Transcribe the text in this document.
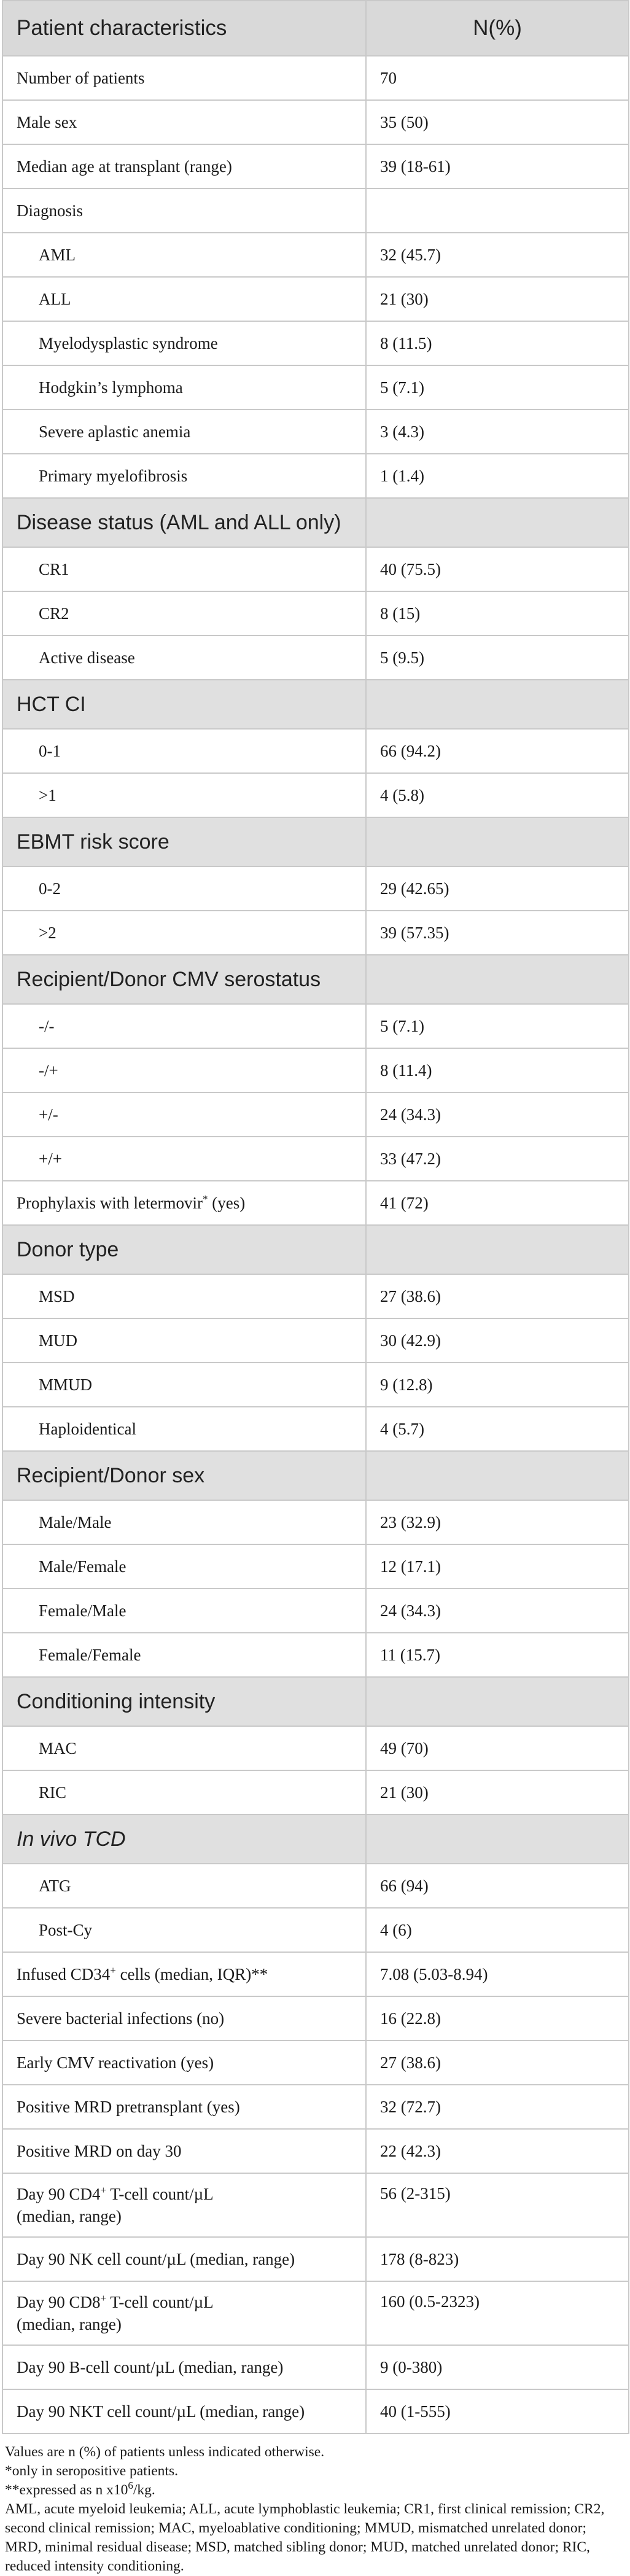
Patient characteristics	N(%)
Number of patients	70
Male sex	35 (50)
Median age at transplant (range)	39 (18-61)
Diagnosis	
AML	32 (45.7)
ALL	21 (30)
Myelodysplastic syndrome	8 (11.5)
Hodgkin’s lymphoma	5 (7.1)
Severe aplastic anemia	3 (4.3)
Primary myelofibrosis	1 (1.4)
Disease status (AML and ALL only)	
CR1	40 (75.5)
CR2	8 (15)
Active disease	5 (9.5)
HCT CI	
0-1	66 (94.2)
>1	4 (5.8)
EBMT risk score	
0-2	29 (42.65)
>2	39 (57.35)
Recipient/Donor CMV serostatus	
-/-	5 (7.1)
-/+	8 (11.4)
+/-	24 (34.3)
+/+	33 (47.2)
Prophylaxis with letermovir* (yes)	41 (72)
Donor type	
MSD	27 (38.6)
MUD	30 (42.9)
MMUD	9 (12.8)
Haploidentical	4 (5.7)
Recipient/Donor sex	
Male/Male	23 (32.9)
Male/Female	12 (17.1)
Female/Male	24 (34.3)
Female/Female	11 (15.7)
Conditioning intensity	
MAC	49 (70)
RIC	21 (30)
In vivo TCD	
ATG	66 (94)
Post-Cy	4 (6)
Infused CD34+ cells (median, IQR)**	7.08 (5.03-8.94)
Severe bacterial infections (no)	16 (22.8)
Early CMV reactivation (yes)	27 (38.6)
Positive MRD pretransplant (yes)	32 (72.7)
Positive MRD on day 30	22 (42.3)
Day 90 CD4+ T-cell count/µL
(median, range)	56 (2-315)
Day 90 NK cell count/µL (median, range)	178 (8-823)
Day 90 CD8+ T-cell count/µL
(median, range)	160 (0.5-2323)
Day 90 B-cell count/µL (median, range)	9 (0-380)
Day 90 NKT cell count/µL (median, range)	40 (1-555)

Values are n (%) of patients unless indicated otherwise.

*only in seropositive patients.

**expressed as n $x10^6/kg$.

AML, acute myeloid leukemia; ALL, acute lymphoblastic leukemia; CR1, first clinical remission; CR2, second clinical remission; MAC, myeloablative conditioning; MMUD, mismatched unrelated donor; MRD, minimal residual disease; MSD, matched sibling donor; MUD, matched unrelated donor; RIC, reduced intensity conditioning.
